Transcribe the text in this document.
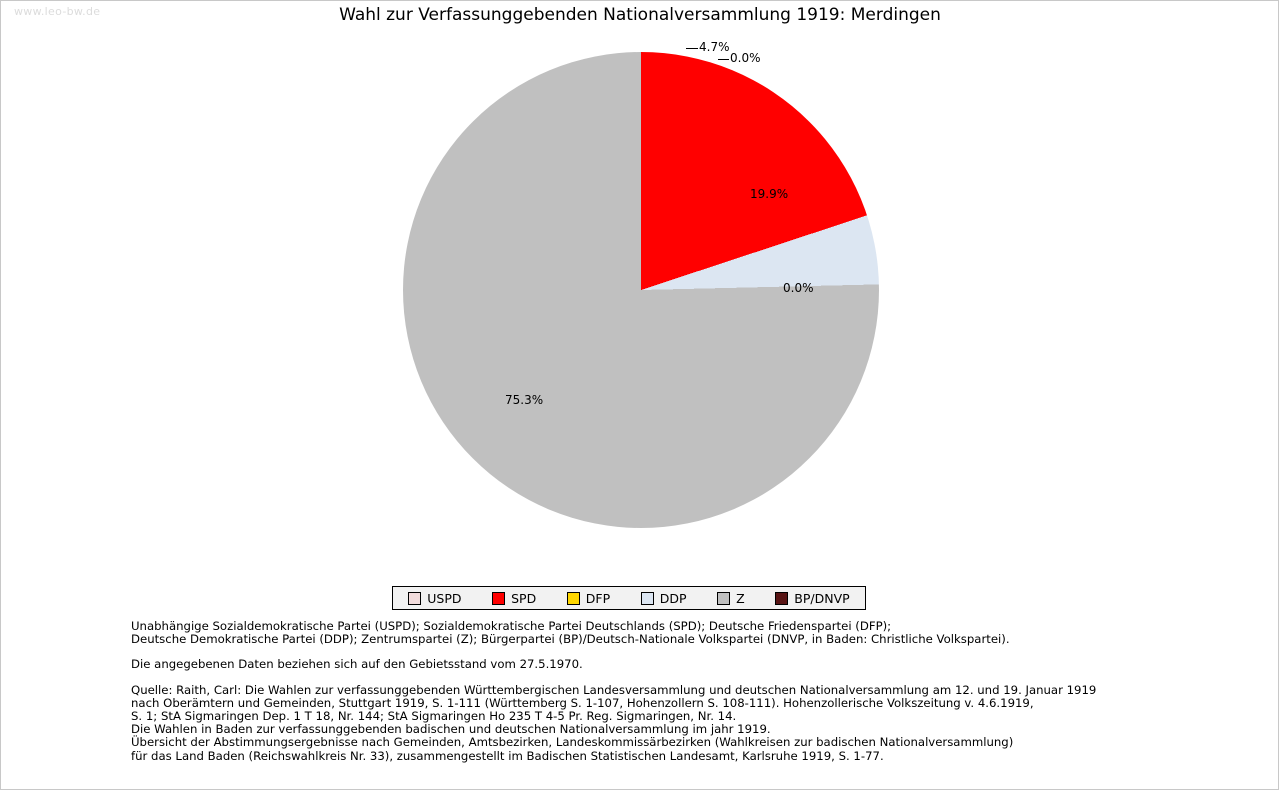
www.leo-bw.de	Wahl zur Verfassunggebenden Nationalversammlung 1919: Merdingen
4.7%
0.0%
19.9%
0.0%
75.3%
USPD	SPD	DFP	DDP	Z	BP/DNVP

Unabhängige Sozialdemokratische Partei (USPD); Sozialdemokratische Partei Deutschlands (SPD); Deutsche Friedenspartei (DFP);
Deutsche Demokratische Partei (DDP); Zentrumspartei (Z); Bürgerpartei (BP)/Deutsch-Nationale Volkspartei (DNVP, in Baden: Christliche Volkspartei).

Die angegebenen Daten beziehen sich auf den Gebietsstand vom 27.5.1970.

Quelle: Raith, Carl: Die Wahlen zur verfassunggebenden Württembergischen Landesversammlung und deutschen Nationalversammlung am 12. und 19. Januar 1919
nach Oberämtern und Gemeinden, Stuttgart 1919, S. 1-111 (Württemberg S. 1-107, Hohenzollern S. 108-111). Hohenzollerische Volkszeitung v. 4.6.1919,
S. 1; StA Sigmaringen Dep. 1 T 18, Nr. 144; StA Sigmaringen Ho 235 T 4-5 Pr. Reg. Sigmaringen, Nr. 14.
Die Wahlen in Baden zur verfassunggebenden badischen und deutschen Nationalversammlung im jahr 1919.
Übersicht der Abstimmungsergebnisse nach Gemeinden, Amtsbezirken, Landeskommissärbezirken (Wahlkreisen zur badischen Nationalversammlung)
für das Land Baden (Reichswahlkreis Nr. 33), zusammengestellt im Badischen Statistischen Landesamt, Karlsruhe 1919, S. 1-77.
